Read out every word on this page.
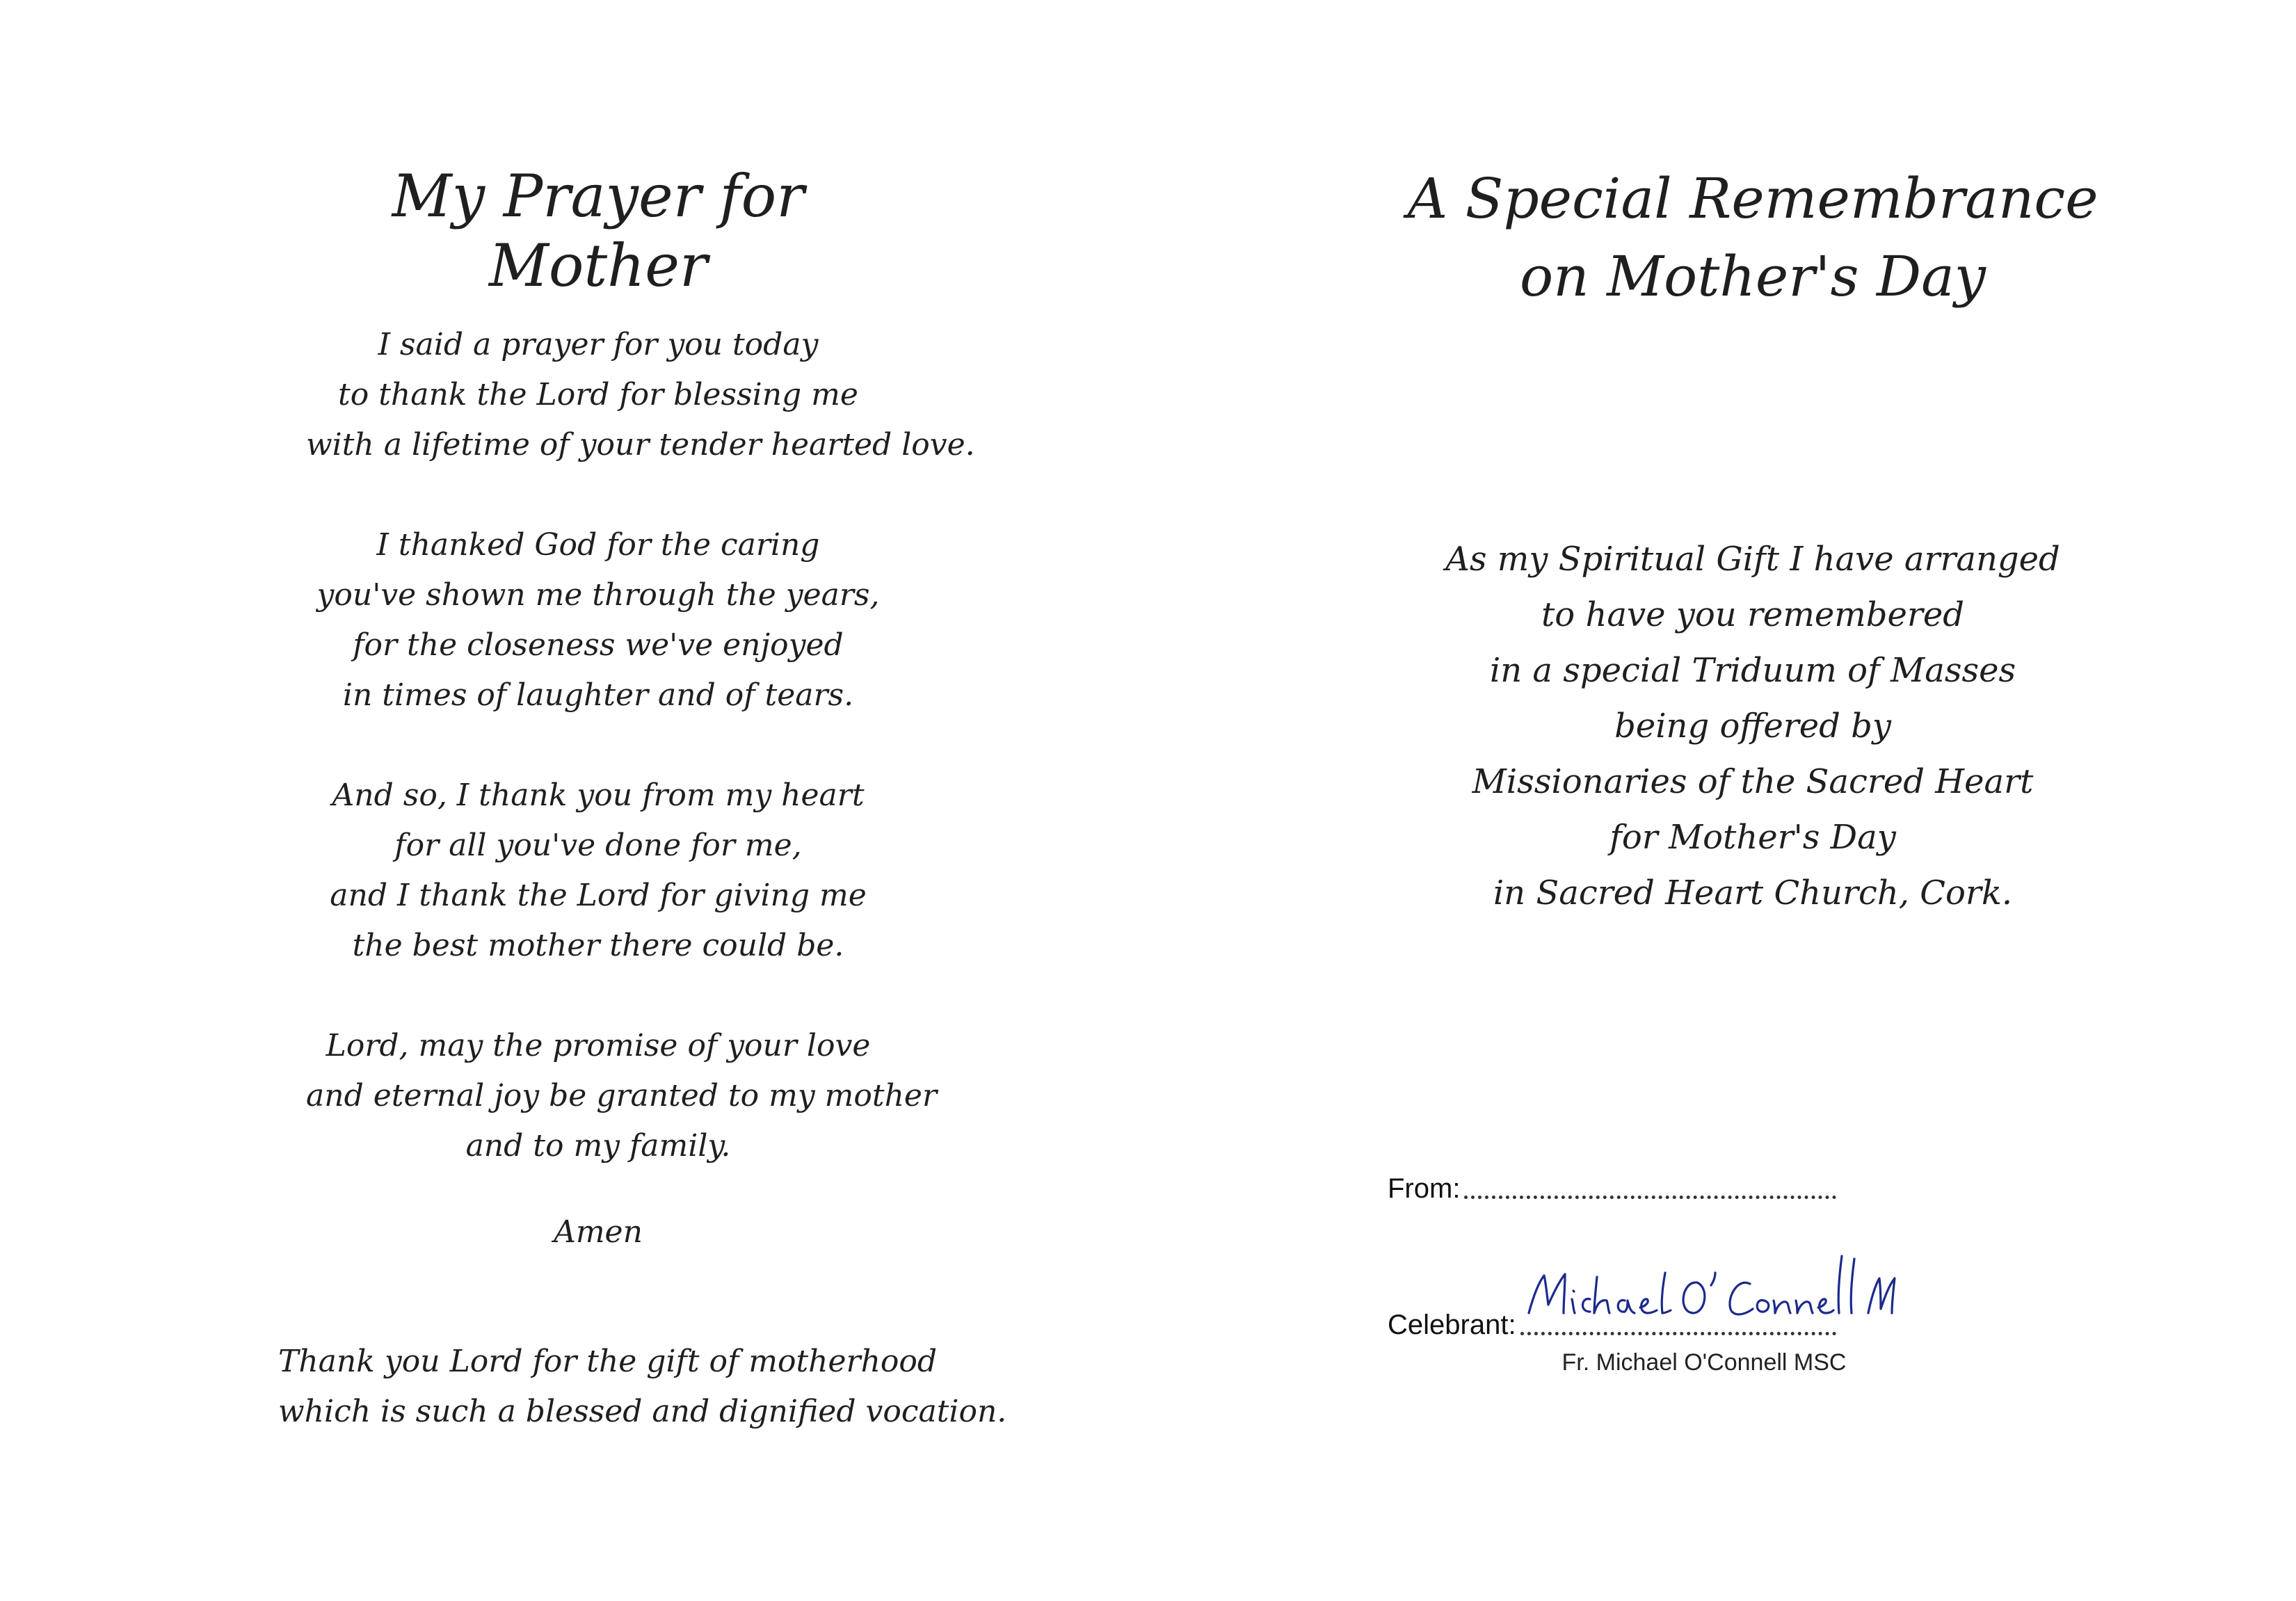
My Prayer for Mother
I said a prayer for you today
to thank the Lord for blessing me
with a lifetime of your tender hearted love.
I thanked God for the caring
you've shown me through the years,
for the closeness we've enjoyed
in times of laughter and of tears.
And so, I thank you from my heart
for all you've done for me,
and I thank the Lord for giving me
the best mother there could be.
Lord, may the promise of your love
and eternal joy be granted to my mother
and to my family.
Amen
Thank you Lord for the gift of motherhood
which is such a blessed and dignified vocation.
A Special Remembrance
on Mother's Day
As my Spiritual Gift I have arranged
to have you remembered
in a special Triduum of Masses
being offered by
Missionaries of the Sacred Heart
for Mother's Day
in Sacred Heart Church, Cork.
From:
Celebrant:
Fr. Michael O'Connell MSC
